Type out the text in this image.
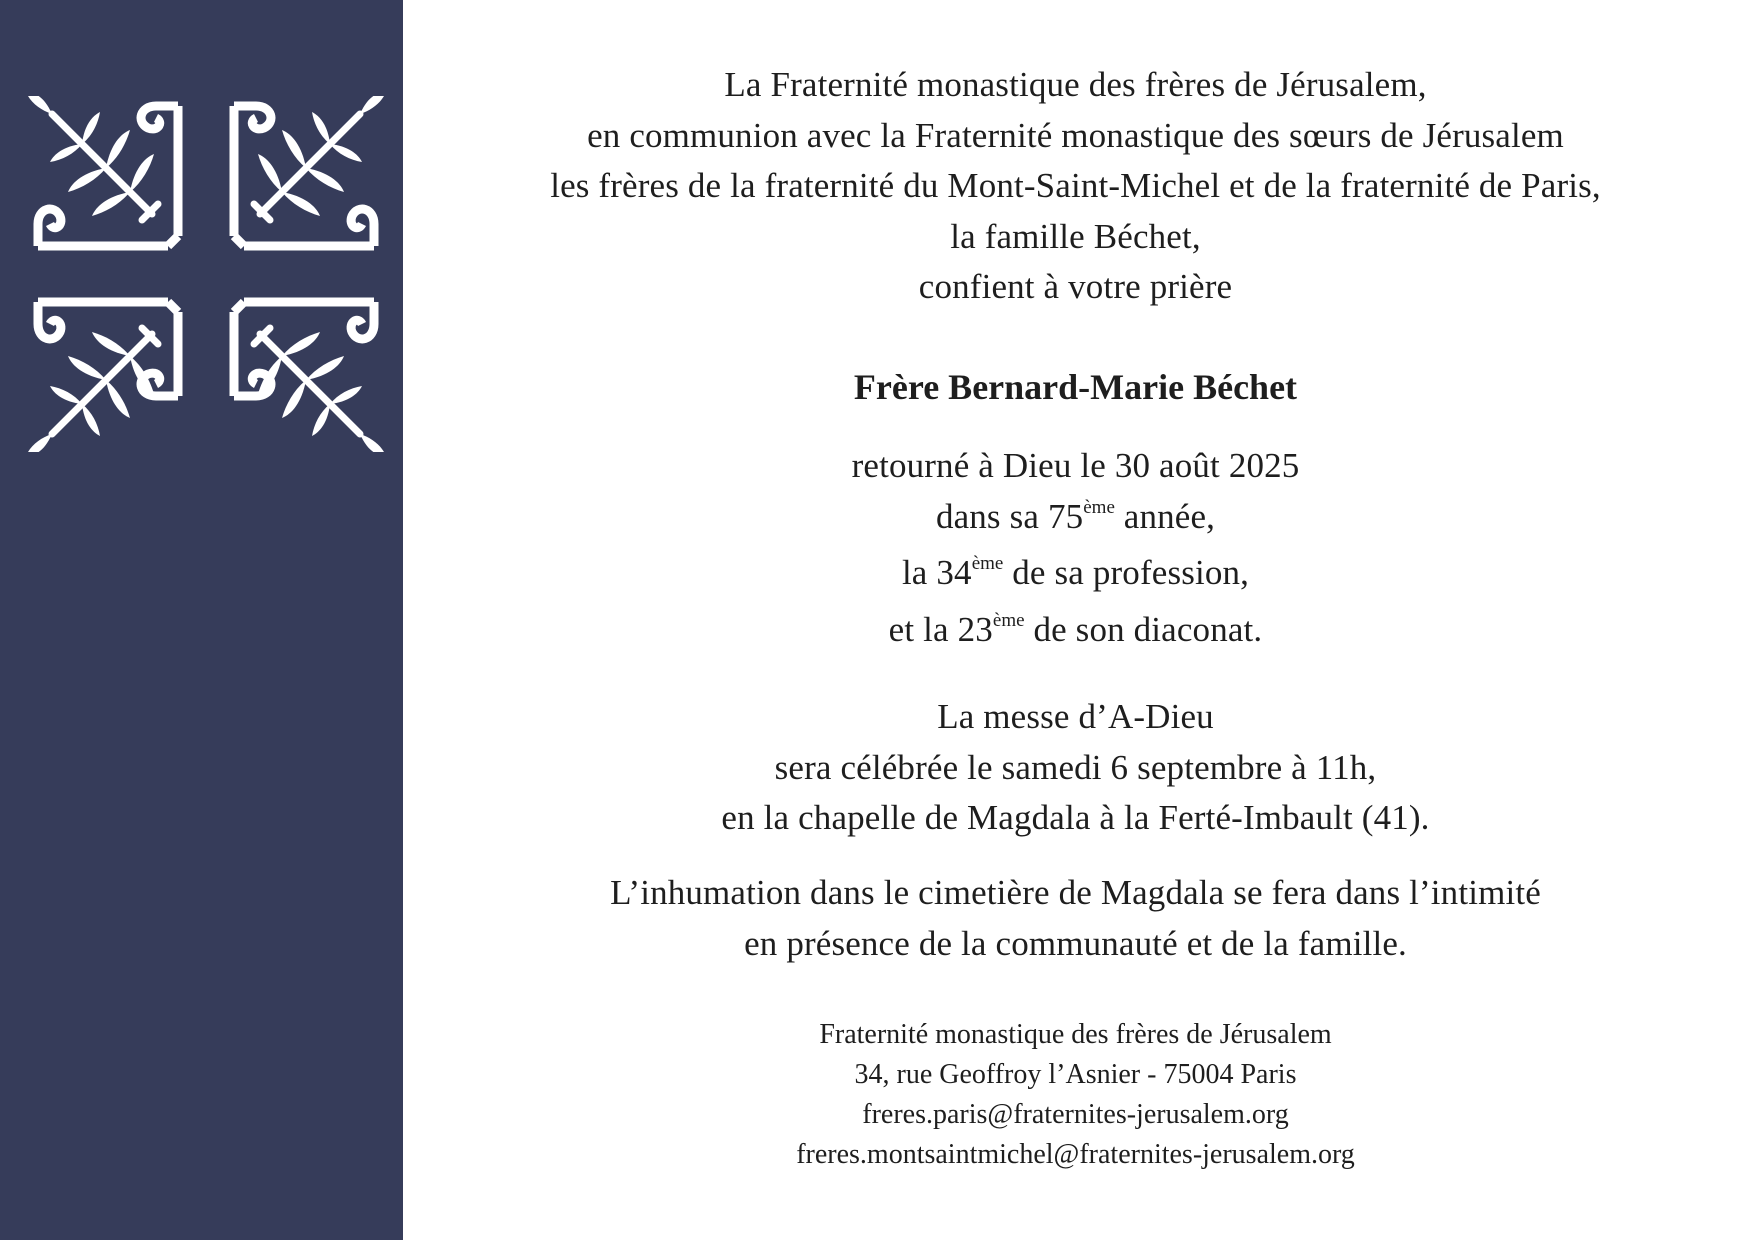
La Fraternité monastique des frères de Jérusalem,
en communion avec la Fraternité monastique des sœurs de Jérusalem
les frères de la fraternité du Mont-Saint-Michel et de la fraternité de Paris,
la famille Béchet,
confient à votre prière
Frère Bernard-Marie Béchet
retourné à Dieu le 30 août 2025
dans sa 75ème année,
la 34ème de sa profession,
et la 23ème de son diaconat.
La messe d’A-Dieu
sera célébrée le samedi 6 septembre à 11h,
en la chapelle de Magdala à la Ferté-Imbault (41).
L’inhumation dans le cimetière de Magdala se fera dans l’intimité
en présence de la communauté et de la famille.
Fraternité monastique des frères de Jérusalem
34, rue Geoffroy l’Asnier - 75004 Paris
freres.paris@fraternites-jerusalem.org
freres.montsaintmichel@fraternites-jerusalem.org
